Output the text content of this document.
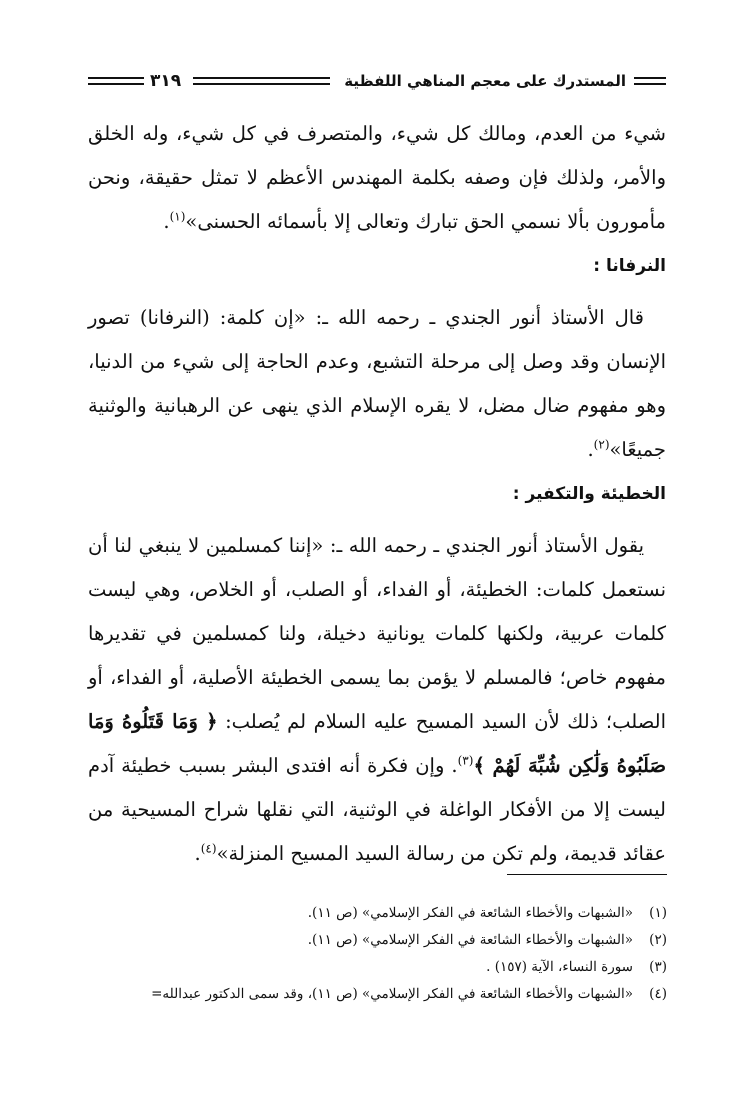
المستدرك على معجم المناهي اللفظية
٣١٩

شيء من العدم، ومالك كل شيء، والمتصرف في كل شيء، وله الخلق والأمر، ولذلك فإن وصفه بكلمة المهندس الأعظم لا تمثل حقيقة، ونحن مأمورون بألا نسمي الحق تبارك وتعالى إلا بأسمائه الحسنى»$^{(١)}$.

النرفانا :

قال الأستاذ أنور الجندي ـ رحمه الله ـ: «إن كلمة: (النرفانا) تصور الإنسان وقد وصل إلى مرحلة التشبع، وعدم الحاجة إلى شيء من الدنيا، وهو مفهوم ضال مضل، لا يقره الإسلام الذي ينهى عن الرهبانية والوثنية جميعًا»$^{(٢)}$.

الخطيئة والتكفير :

يقول الأستاذ أنور الجندي ـ رحمه الله ـ: «إننا كمسلمين لا ينبغي لنا أن نستعمل كلمات: الخطيئة، أو الفداء، أو الصلب، أو الخلاص، وهي ليست كلمات عربية، ولكنها كلمات يونانية دخيلة، ولنا كمسلمين في تقديرها مفهوم خاص؛ فالمسلم لا يؤمن بما يسمى الخطيئة الأصلية، أو الفداء، أو الصلب؛ ذلك لأن السيد المسيح عليه السلام لم يُصلب: ﴿ وَمَا قَتَلُوهُ وَمَا صَلَبُوهُ وَلَٰكِن شُبِّهَ لَهُمْ ﴾$^{(٣)}$. وإن فكرة أنه افتدى البشر بسبب خطيئة آدم ليست إلا من الأفكار الواغلة في الوثنية، التي نقلها شراح المسيحية من عقائد قديمة، ولم تكن من رسالة السيد المسيح المنزلة»$^{(٤)}$.

(١)
«الشبهات والأخطاء الشائعة في الفكر الإسلامي» (ص ١١).
(٢)
«الشبهات والأخطاء الشائعة في الفكر الإسلامي» (ص ١١).
(٣)
سورة النساء، الآية (١٥٧) .
(٤)
«الشبهات والأخطاء الشائعة في الفكر الإسلامي» (ص ١١)، وقد سمى الدكتور عبدالله=
